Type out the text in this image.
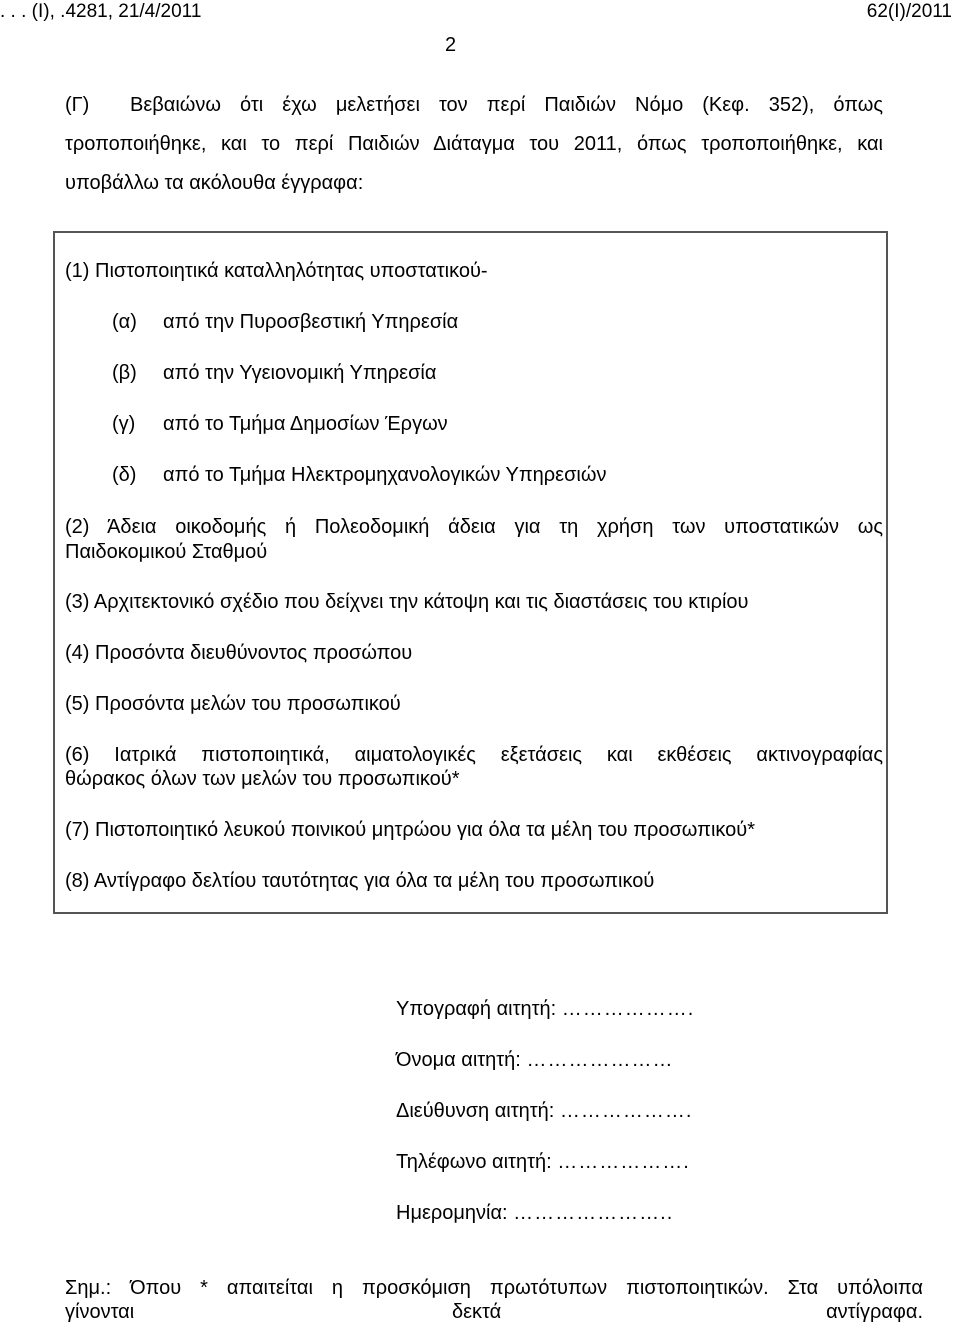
. . . (Ι), .4281, 21/4/2011	62(Ι)/2011
2
(Γ) Βεβαιώνω ότι έχω μελετήσει τον περί Παιδιών Νόμο (Κεφ. 352), όπως
τροποποιήθηκε, και το περί Παιδιών Διάταγμα του 2011, όπως τροποποιήθηκε, και
υποβάλλω τα ακόλουθα έγγραφα:
(1) Πιστοποιητικά καταλληλότητας υποστατικού-
(α) από την Πυροσβεστική Υπηρεσία
(β) από την Υγειονομική Υπηρεσία
(γ) από το Τμήμα Δημοσίων Έργων
(δ) από το Τμήμα Ηλεκτρομηχανολογικών Υπηρεσιών
(2) Άδεια οικοδομής ή Πολεοδομική άδεια για τη χρήση των υποστατικών ως
Παιδοκομικού Σταθμού
(3) Αρχιτεκτονικό σχέδιο που δείχνει την κάτοψη και τις διαστάσεις του κτιρίου
(4) Προσόντα διευθύνοντος προσώπου
(5) Προσόντα μελών του προσωπικού
(6) Ιατρικά πιστοποιητικά, αιματολογικές εξετάσεις και εκθέσεις ακτινογραφίας
θώρακος όλων των μελών του προσωπικού*
(7) Πιστοποιητικό λευκού ποινικού μητρώου για όλα τα μέλη του προσωπικού*
(8) Αντίγραφο δελτίου ταυτότητας για όλα τα μέλη του προσωπικού
Υπογραφή αιτητή: ……………….
Όνομα αιτητή: …………………
Διεύθυνση αιτητή: ……………….
Τηλέφωνο αιτητή: ……………….
Ημερομηνία: …………………..
Σημ.: Όπου * απαιτείται η προσκόμιση πρωτότυπων πιστοποιητικών. Στα υπόλοιπα
γίνονται	δεκτά	αντίγραφα.
